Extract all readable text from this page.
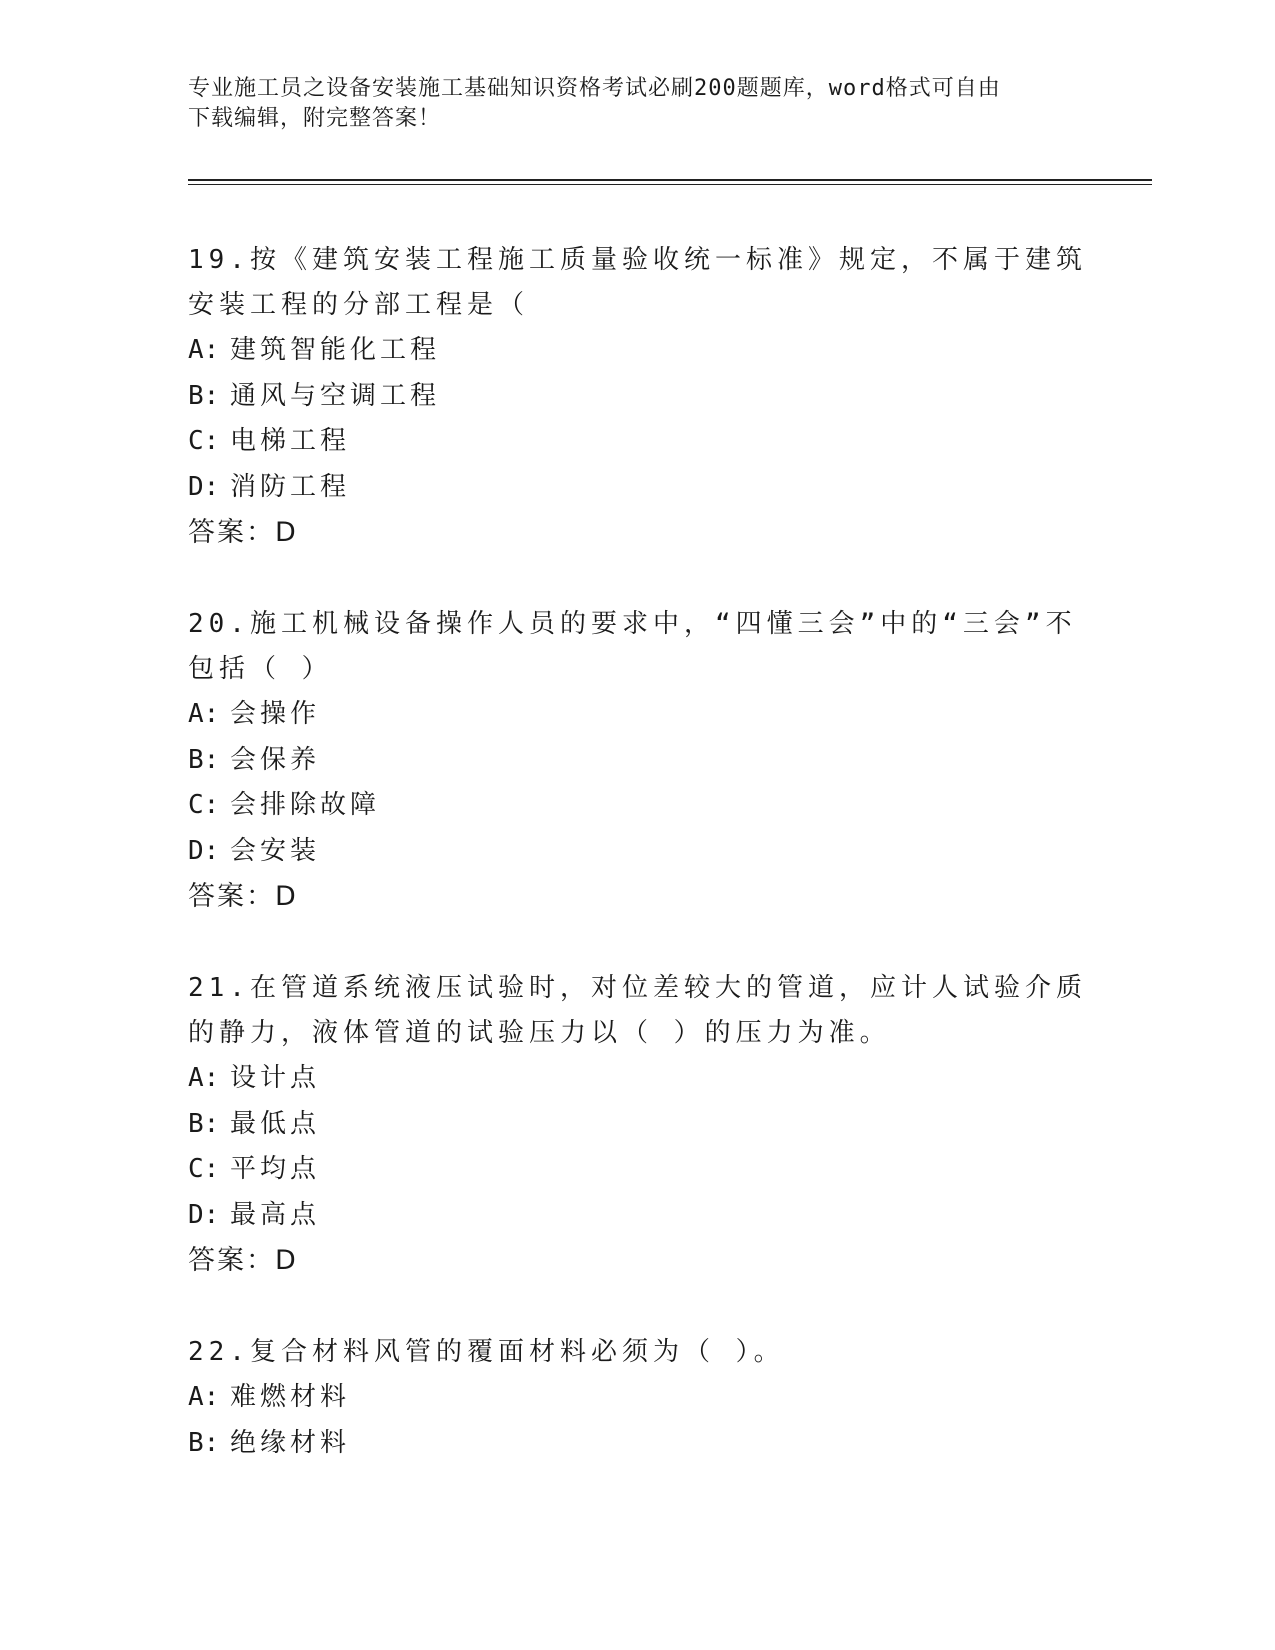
专业施工员之设备安装施工基础知识资格考试必刷200题题库，word格式可自由
下载编辑，附完整答案！
19.按《建筑安装工程施工质量验收统一标准》规定，不属于建筑安装工程的分部工程是（
A: 建筑智能化工程
B: 通风与空调工程
C: 电梯工程
D: 消防工程
答案：D
20.施工机械设备操作人员的要求中，“四懂三会”中的“三会”不包括（ ）
A: 会操作
B: 会保养
C: 会排除故障
D: 会安装
答案：D
21.在管道系统液压试验时，对位差较大的管道，应计人试验介质的静力，液体管道的试验压力以（ ）的压力为准。
A: 设计点
B: 最低点
C: 平均点
D: 最高点
答案：D
22.复合材料风管的覆面材料必须为（ ）。
A: 难燃材料
B: 绝缘材料
